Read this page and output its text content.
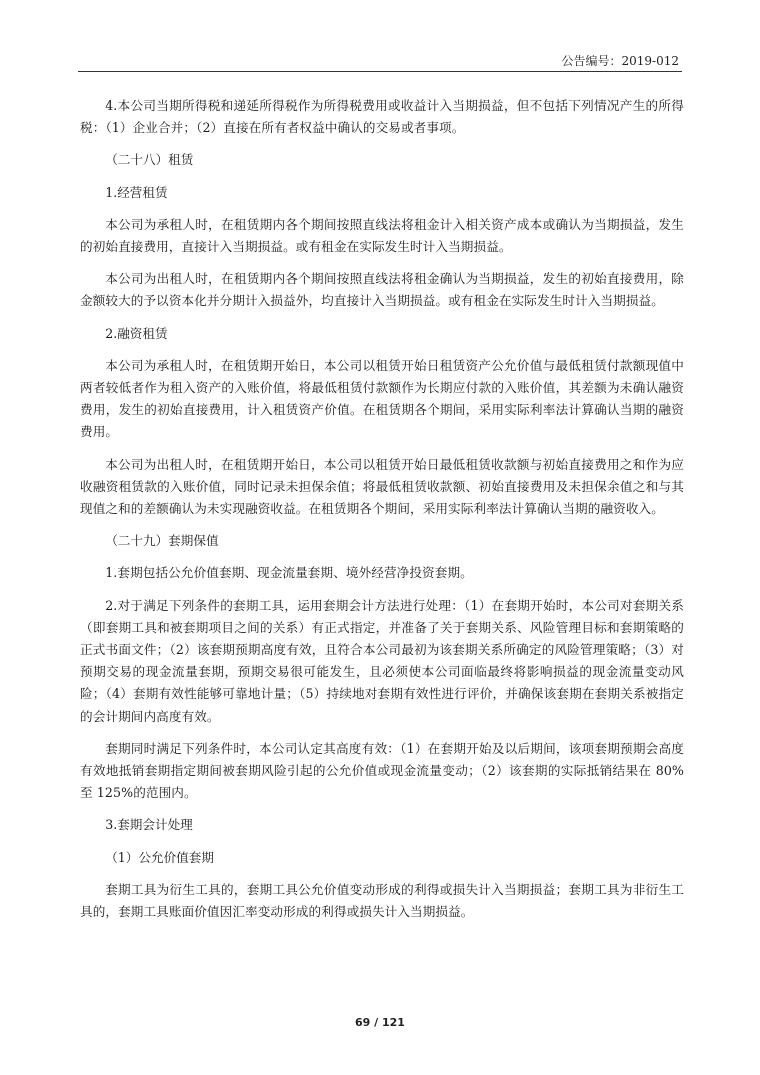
公告编号：2019-012

4.本公司当期所得税和递延所得税作为所得税费用或收益计入当期损益，但不包括下列情况产生的所得税：（1）企业合并；（2）直接在所有者权益中确认的交易或者事项。

（二十八）租赁

1.经营租赁

本公司为承租人时，在租赁期内各个期间按照直线法将租金计入相关资产成本或确认为当期损益，发生的初始直接费用，直接计入当期损益。或有租金在实际发生时计入当期损益。

本公司为出租人时，在租赁期内各个期间按照直线法将租金确认为当期损益，发生的初始直接费用，除金额较大的予以资本化并分期计入损益外，均直接计入当期损益。或有租金在实际发生时计入当期损益。

2.融资租赁

本公司为承租人时，在租赁期开始日，本公司以租赁开始日租赁资产公允价值与最低租赁付款额现值中两者较低者作为租入资产的入账价值，将最低租赁付款额作为长期应付款的入账价值，其差额为未确认融资费用，发生的初始直接费用，计入租赁资产价值。在租赁期各个期间，采用实际利率法计算确认当期的融资费用。

本公司为出租人时，在租赁期开始日，本公司以租赁开始日最低租赁收款额与初始直接费用之和作为应收融资租赁款的入账价值，同时记录未担保余值；将最低租赁收款额、初始直接费用及未担保余值之和与其现值之和的差额确认为未实现融资收益。在租赁期各个期间，采用实际利率法计算确认当期的融资收入。

（二十九）套期保值

1.套期包括公允价值套期、现金流量套期、境外经营净投资套期。

2.对于满足下列条件的套期工具，运用套期会计方法进行处理：（1）在套期开始时，本公司对套期关系（即套期工具和被套期项目之间的关系）有正式指定，并准备了关于套期关系、风险管理目标和套期策略的正式书面文件；（2）该套期预期高度有效，且符合本公司最初为该套期关系所确定的风险管理策略；（3）对预期交易的现金流量套期，预期交易很可能发生，且必须使本公司面临最终将影响损益的现金流量变动风险；（4）套期有效性能够可靠地计量；（5）持续地对套期有效性进行评价，并确保该套期在套期关系被指定的会计期间内高度有效。

套期同时满足下列条件时，本公司认定其高度有效：（1）在套期开始及以后期间，该项套期预期会高度有效地抵销套期指定期间被套期风险引起的公允价值或现金流量变动；（2）该套期的实际抵销结果在 80%至 125%的范围内。

3.套期会计处理

（1）公允价值套期

套期工具为衍生工具的，套期工具公允价值变动形成的利得或损失计入当期损益；套期工具为非衍生工具的，套期工具账面价值因汇率变动形成的利得或损失计入当期损益。

69 / 121
